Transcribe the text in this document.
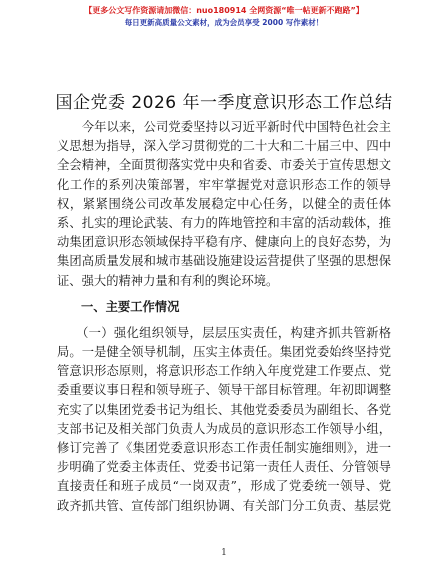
【更多公文写作资源请加微信：nuo180914 全网资源“唯一帖更新不跑路”】
每日更新高质量公文素材，成为会员享受 2000 写作素材！
国企党委 2026 年一季度意识形态工作总结
　　今年以来，公司党委坚持以习近平新时代中国特色社会主
义思想为指导，深入学习贯彻党的二十大和二十届三中、四中
全会精神，全面贯彻落实党中央和省委、市委关于宣传思想文
化工作的系列决策部署，牢牢掌握党对意识形态工作的领导
权，紧紧围绕公司改革发展稳定中心任务，以健全的责任体
系、扎实的理论武装、有力的阵地管控和丰富的活动载体，推
动集团意识形态领域保持平稳有序、健康向上的良好态势，为
集团高质量发展和城市基础设施建设运营提供了坚强的思想保
证、强大的精神力量和有利的舆论环境。
一、主要工作情况
　　（一）强化组织领导，层层压实责任，构建齐抓共管新格
局。一是健全领导机制，压实主体责任。集团党委始终坚持党
管意识形态原则，将意识形态工作纳入年度党建工作要点、党
委重要议事日程和领导班子、领导干部目标管理。年初即调整
充实了以集团党委书记为组长、其他党委委员为副组长、各党
支部书记及相关部门负责人为成员的意识形态工作领导小组，
修订完善了《集团党委意识形态工作责任制实施细则》，进一
步明确了党委主体责任、党委书记第一责任人责任、分管领导
直接责任和班子成员“一岗双责”，形成了党委统一领导、党
政齐抓共管、宣传部门组织协调、有关部门分工负责、基层党
1
